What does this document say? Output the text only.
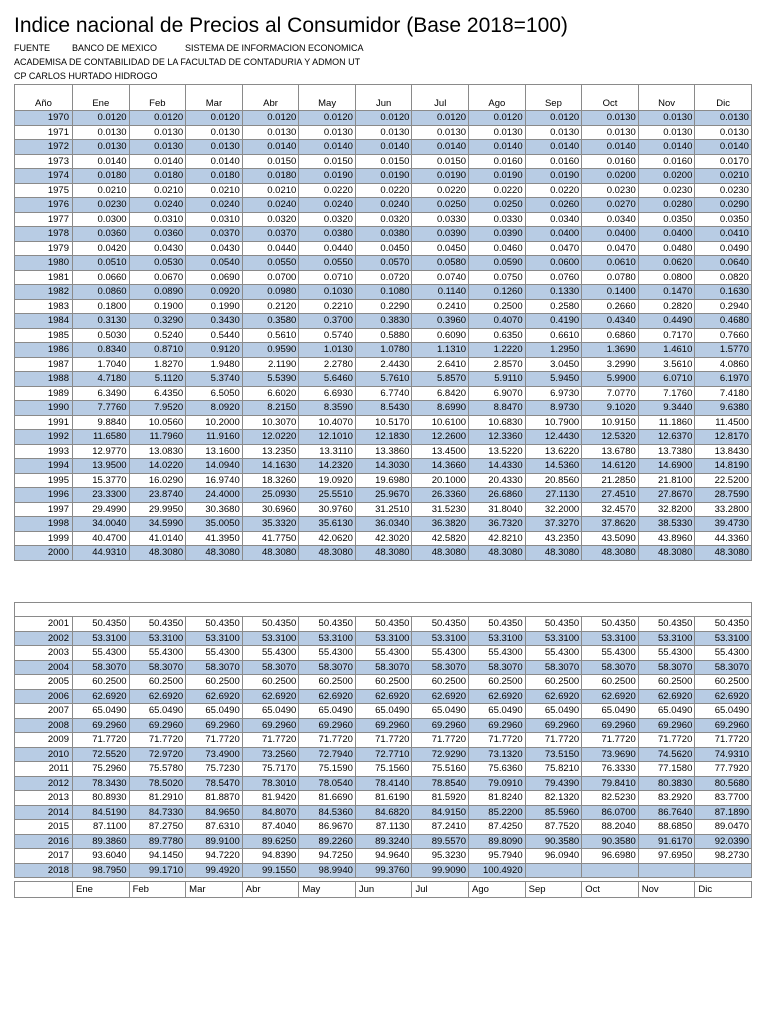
Indice nacional de Precios al Consumidor (Base 2018=100)
FUENTE BANCO DE MEXICO	SISTEMA DE INFORMACION ECONOMICA
ACADEMISA DE CONTABILIDAD DE LA FACULTAD DE CONTADURIA Y ADMON UT
CP CARLOS HURTADO HIDROGO
Año	Ene	Feb	Mar	Abr	May	Jun	Jul	Ago	Sep	Oct	Nov	Dic
1970	0.0120	0.0120	0.0120	0.0120	0.0120	0.0120	0.0120	0.0120	0.0120	0.0130	0.0130	0.0130
1971	0.0130	0.0130	0.0130	0.0130	0.0130	0.0130	0.0130	0.0130	0.0130	0.0130	0.0130	0.0130
1972	0.0130	0.0130	0.0130	0.0140	0.0140	0.0140	0.0140	0.0140	0.0140	0.0140	0.0140	0.0140
1973	0.0140	0.0140	0.0140	0.0150	0.0150	0.0150	0.0150	0.0160	0.0160	0.0160	0.0160	0.0170
1974	0.0180	0.0180	0.0180	0.0180	0.0190	0.0190	0.0190	0.0190	0.0190	0.0200	0.0200	0.0210
1975	0.0210	0.0210	0.0210	0.0210	0.0220	0.0220	0.0220	0.0220	0.0220	0.0230	0.0230	0.0230
1976	0.0230	0.0240	0.0240	0.0240	0.0240	0.0240	0.0250	0.0250	0.0260	0.0270	0.0280	0.0290
1977	0.0300	0.0310	0.0310	0.0320	0.0320	0.0320	0.0330	0.0330	0.0340	0.0340	0.0350	0.0350
1978	0.0360	0.0360	0.0370	0.0370	0.0380	0.0380	0.0390	0.0390	0.0400	0.0400	0.0400	0.0410
1979	0.0420	0.0430	0.0430	0.0440	0.0440	0.0450	0.0450	0.0460	0.0470	0.0470	0.0480	0.0490
1980	0.0510	0.0530	0.0540	0.0550	0.0550	0.0570	0.0580	0.0590	0.0600	0.0610	0.0620	0.0640
1981	0.0660	0.0670	0.0690	0.0700	0.0710	0.0720	0.0740	0.0750	0.0760	0.0780	0.0800	0.0820
1982	0.0860	0.0890	0.0920	0.0980	0.1030	0.1080	0.1140	0.1260	0.1330	0.1400	0.1470	0.1630
1983	0.1800	0.1900	0.1990	0.2120	0.2210	0.2290	0.2410	0.2500	0.2580	0.2660	0.2820	0.2940
1984	0.3130	0.3290	0.3430	0.3580	0.3700	0.3830	0.3960	0.4070	0.4190	0.4340	0.4490	0.4680
1985	0.5030	0.5240	0.5440	0.5610	0.5740	0.5880	0.6090	0.6350	0.6610	0.6860	0.7170	0.7660
1986	0.8340	0.8710	0.9120	0.9590	1.0130	1.0780	1.1310	1.2220	1.2950	1.3690	1.4610	1.5770
1987	1.7040	1.8270	1.9480	2.1190	2.2780	2.4430	2.6410	2.8570	3.0450	3.2990	3.5610	4.0860
1988	4.7180	5.1120	5.3740	5.5390	5.6460	5.7610	5.8570	5.9110	5.9450	5.9900	6.0710	6.1970
1989	6.3490	6.4350	6.5050	6.6020	6.6930	6.7740	6.8420	6.9070	6.9730	7.0770	7.1760	7.4180
1990	7.7760	7.9520	8.0920	8.2150	8.3590	8.5430	8.6990	8.8470	8.9730	9.1020	9.3440	9.6380
1991	9.8840	10.0560	10.2000	10.3070	10.4070	10.5170	10.6100	10.6830	10.7900	10.9150	11.1860	11.4500
1992	11.6580	11.7960	11.9160	12.0220	12.1010	12.1830	12.2600	12.3360	12.4430	12.5320	12.6370	12.8170
1993	12.9770	13.0830	13.1600	13.2350	13.3110	13.3860	13.4500	13.5220	13.6220	13.6780	13.7380	13.8430
1994	13.9500	14.0220	14.0940	14.1630	14.2320	14.3030	14.3660	14.4330	14.5360	14.6120	14.6900	14.8190
1995	15.3770	16.0290	16.9740	18.3260	19.0920	19.6980	20.1000	20.4330	20.8560	21.2850	21.8100	22.5200
1996	23.3300	23.8740	24.4000	25.0930	25.5510	25.9670	26.3360	26.6860	27.1130	27.4510	27.8670	28.7590
1997	29.4990	29.9950	30.3680	30.6960	30.9760	31.2510	31.5230	31.8040	32.2000	32.4570	32.8200	33.2800
1998	34.0040	34.5990	35.0050	35.3320	35.6130	36.0340	36.3820	36.7320	37.3270	37.8620	38.5330	39.4730
1999	40.4700	41.0140	41.3950	41.7750	42.0620	42.3020	42.5820	42.8210	43.2350	43.5090	43.8960	44.3360
2000	44.9310	48.3080	48.3080	48.3080	48.3080	48.3080	48.3080	48.3080	48.3080	48.3080	48.3080	48.3080

2001	50.4350	50.4350	50.4350	50.4350	50.4350	50.4350	50.4350	50.4350	50.4350	50.4350	50.4350	50.4350
2002	53.3100	53.3100	53.3100	53.3100	53.3100	53.3100	53.3100	53.3100	53.3100	53.3100	53.3100	53.3100
2003	55.4300	55.4300	55.4300	55.4300	55.4300	55.4300	55.4300	55.4300	55.4300	55.4300	55.4300	55.4300
2004	58.3070	58.3070	58.3070	58.3070	58.3070	58.3070	58.3070	58.3070	58.3070	58.3070	58.3070	58.3070
2005	60.2500	60.2500	60.2500	60.2500	60.2500	60.2500	60.2500	60.2500	60.2500	60.2500	60.2500	60.2500
2006	62.6920	62.6920	62.6920	62.6920	62.6920	62.6920	62.6920	62.6920	62.6920	62.6920	62.6920	62.6920
2007	65.0490	65.0490	65.0490	65.0490	65.0490	65.0490	65.0490	65.0490	65.0490	65.0490	65.0490	65.0490
2008	69.2960	69.2960	69.2960	69.2960	69.2960	69.2960	69.2960	69.2960	69.2960	69.2960	69.2960	69.2960
2009	71.7720	71.7720	71.7720	71.7720	71.7720	71.7720	71.7720	71.7720	71.7720	71.7720	71.7720	71.7720
2010	72.5520	72.9720	73.4900	73.2560	72.7940	72.7710	72.9290	73.1320	73.5150	73.9690	74.5620	74.9310
2011	75.2960	75.5780	75.7230	75.7170	75.1590	75.1560	75.5160	75.6360	75.8210	76.3330	77.1580	77.7920
2012	78.3430	78.5020	78.5470	78.3010	78.0540	78.4140	78.8540	79.0910	79.4390	79.8410	80.3830	80.5680
2013	80.8930	81.2910	81.8870	81.9420	81.6690	81.6190	81.5920	81.8240	82.1320	82.5230	83.2920	83.7700
2014	84.5190	84.7330	84.9650	84.8070	84.5360	84.6820	84.9150	85.2200	85.5960	86.0700	86.7640	87.1890
2015	87.1100	87.2750	87.6310	87.4040	86.9670	87.1130	87.2410	87.4250	87.7520	88.2040	88.6850	89.0470
2016	89.3860	89.7780	89.9100	89.6250	89.2260	89.3240	89.5570	89.8090	90.3580	90.3580	91.6170	92.0390
2017	93.6040	94.1450	94.7220	94.8390	94.7250	94.9640	95.3230	95.7940	96.0940	96.6980	97.6950	98.2730
2018	98.7950	99.1710	99.4920	99.1550	98.9940	99.3760	99.9090	100.4920				
	Ene	Feb	Mar	Abr	May	Jun	Jul	Ago	Sep	Oct	Nov	Dic
